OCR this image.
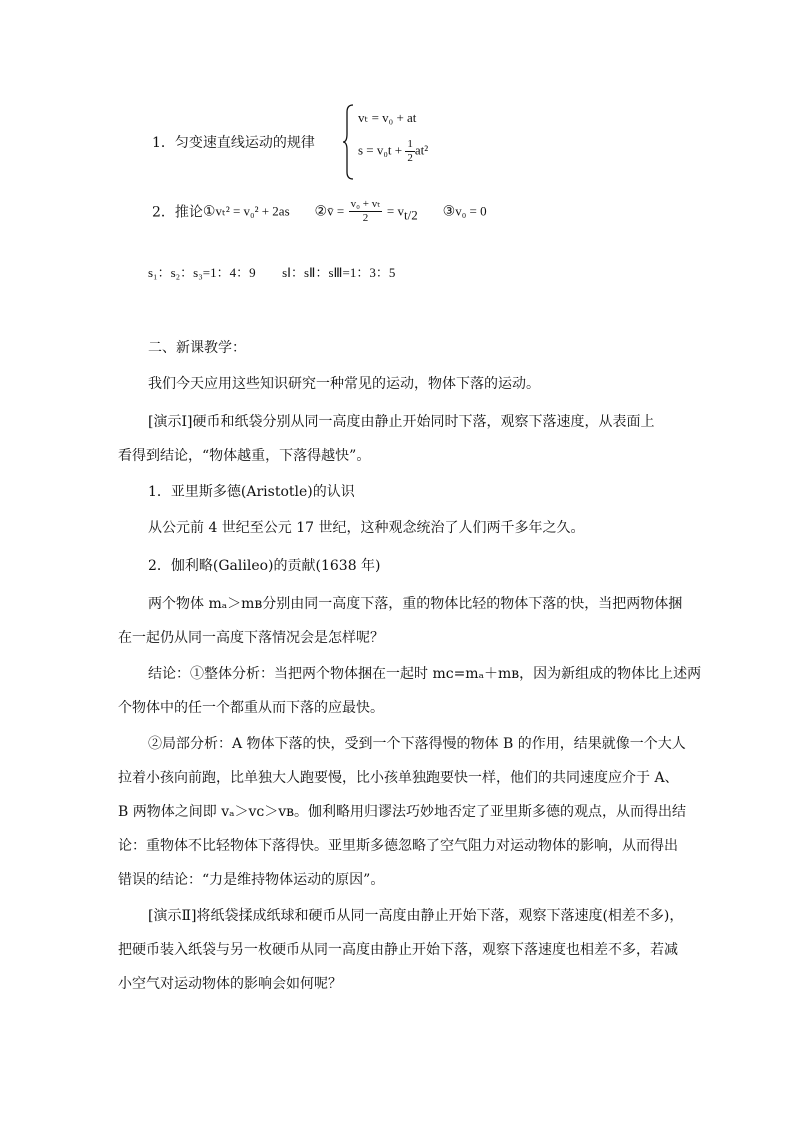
1．匀变速直线运动的规律
vₜ = v₀ + at
$s = v_0t + \frac{1}{2} at^2$
2．推论①vₜ² = v₀² + 2as ②v̄ = $\frac{\text{v₀ + vₜ}}{2} = v_{t/2}$ ③v₀ = 0
s₁：s₂：s₃=1：4：9 sⅠ：sⅡ：sⅢ=1：3：5
二、新课教学：
我们今天应用这些知识研究一种常见的运动，物体下落的运动。
[演示Ⅰ]硬币和纸袋分别从同一高度由静止开始同时下落，观察下落速度，从表面上
看得到结论，“物体越重，下落得越快”。
1．亚里斯多德(Aristotle)的认识
从公元前 4 世纪至公元 17 世纪，这种观念统治了人们两千多年之久。
2．伽利略(Galileo)的贡献(1638 年)
两个物体 mₐ＞mʙ分别由同一高度下落，重的物体比轻的物体下落的快，当把两物体捆
在一起仍从同一高度下落情况会是怎样呢？
结论：①整体分析：当把两个物体捆在一起时 mᴄ=mₐ＋mʙ，因为新组成的物体比上述两
个物体中的任一个都重从而下落的应最快。
②局部分析：A 物体下落的快，受到一个下落得慢的物体 B 的作用，结果就像一个大人
拉着小孩向前跑，比单独大人跑要慢，比小孩单独跑要快一样，他们的共同速度应介于 A、
B 两物体之间即 vₐ＞vᴄ＞vʙ。伽利略用归谬法巧妙地否定了亚里斯多德的观点，从而得出结
论：重物体不比轻物体下落得快。亚里斯多德忽略了空气阻力对运动物体的影响，从而得出
错误的结论：“力是维持物体运动的原因”。
[演示Ⅱ]将纸袋揉成纸球和硬币从同一高度由静止开始下落，观察下落速度(相差不多)，
把硬币装入纸袋与另一枚硬币从同一高度由静止开始下落，观察下落速度也相差不多，若减
小空气对运动物体的影响会如何呢？
